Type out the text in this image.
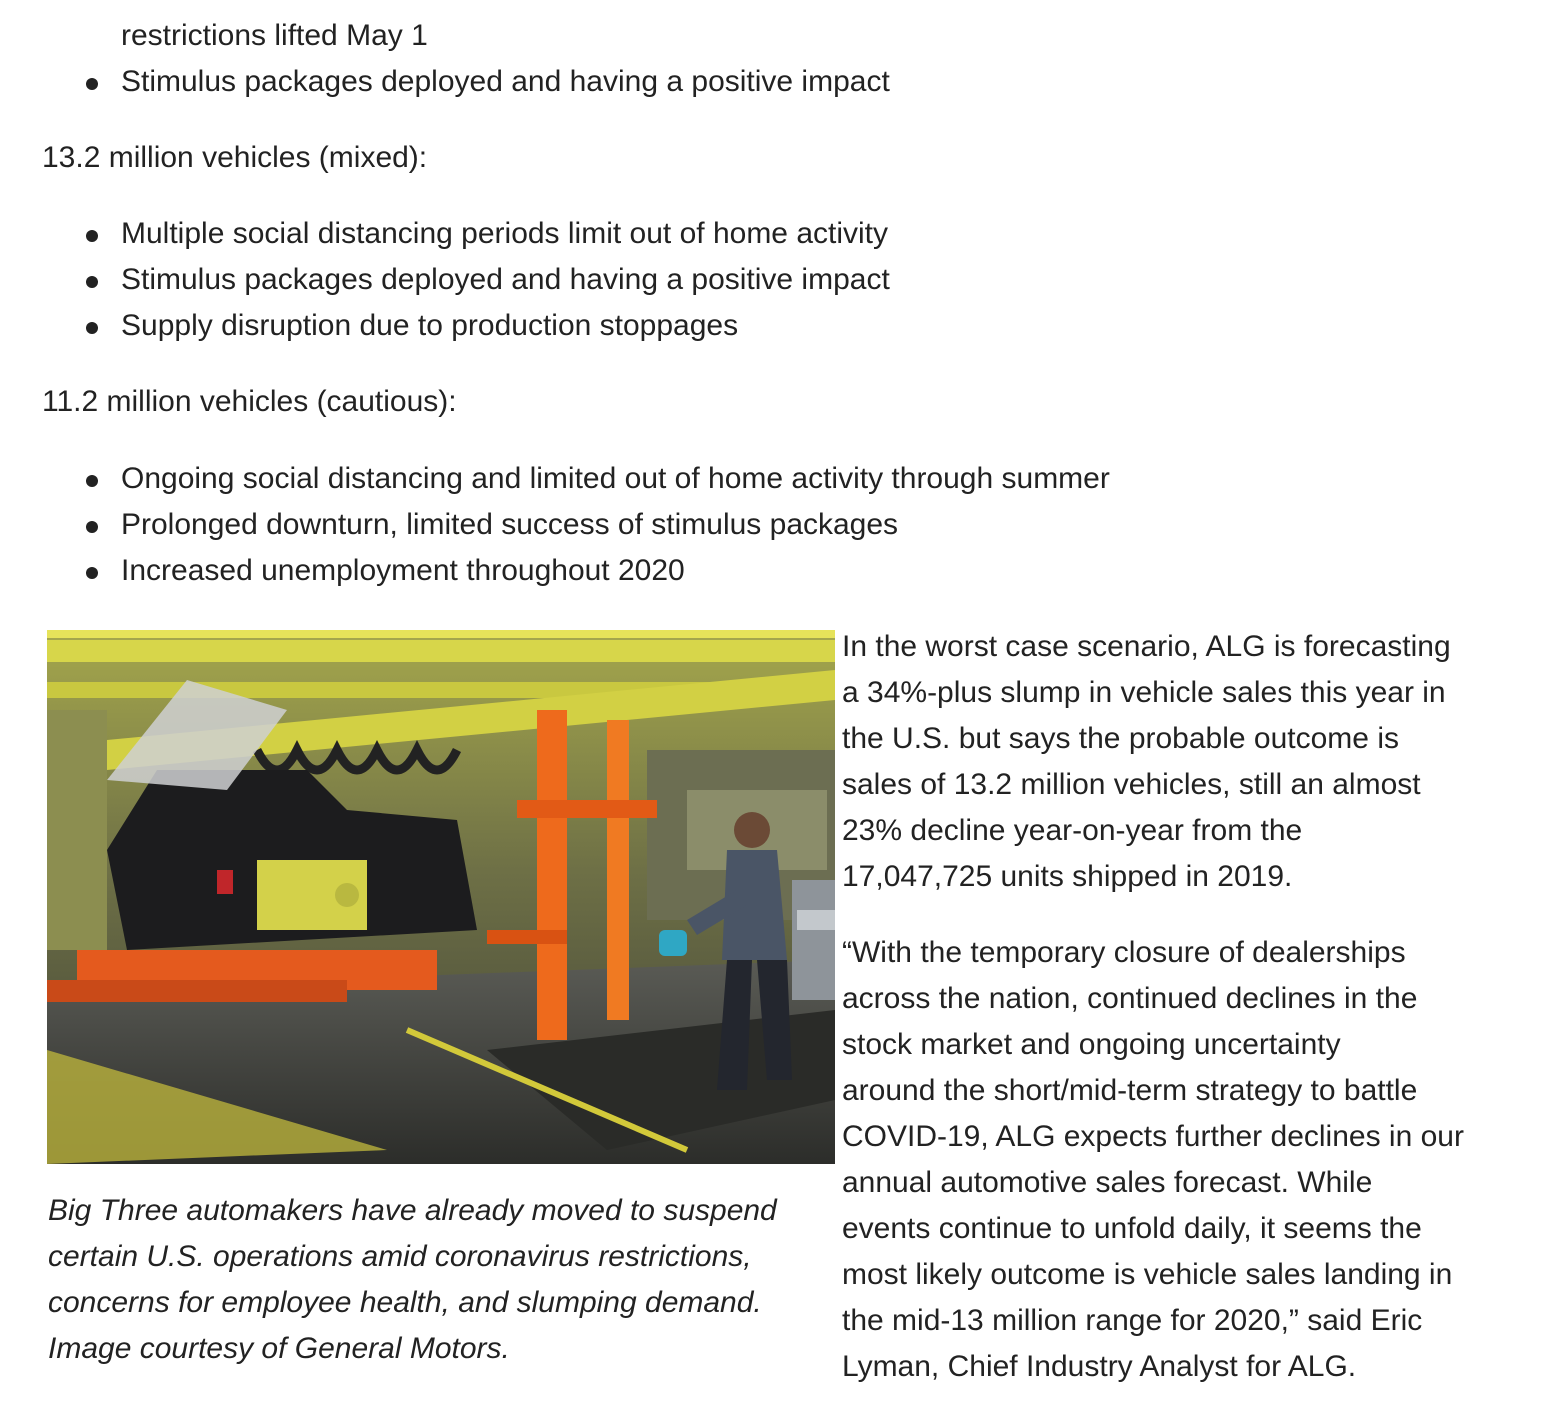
restrictions lifted May 1
Stimulus packages deployed and having a positive impact
13.2 million vehicles (mixed):
Multiple social distancing periods limit out of home activity
Stimulus packages deployed and having a positive impact
Supply disruption due to production stoppages
11.2 million vehicles (cautious):
Ongoing social distancing and limited out of home activity through summer
Prolonged downturn, limited success of stimulus packages
Increased unemployment throughout 2020
Big Three automakers have already moved to suspend
certain U.S. operations amid coronavirus restrictions,
concerns for employee health, and slumping demand.
Image courtesy of General Motors.
In the worst case scenario, ALG is forecasting
a 34%-plus slump in vehicle sales this year in
the U.S. but says the probable outcome is
sales of 13.2 million vehicles, still an almost
23% decline year-on-year from the
17,047,725 units shipped in 2019.
“With the temporary closure of dealerships
across the nation, continued declines in the
stock market and ongoing uncertainty
around the short/mid-term strategy to battle
COVID-19, ALG expects further declines in our
annual automotive sales forecast. While
events continue to unfold daily, it seems the
most likely outcome is vehicle sales landing in
the mid-13 million range for 2020,” said Eric
Lyman, Chief Industry Analyst for ALG.
